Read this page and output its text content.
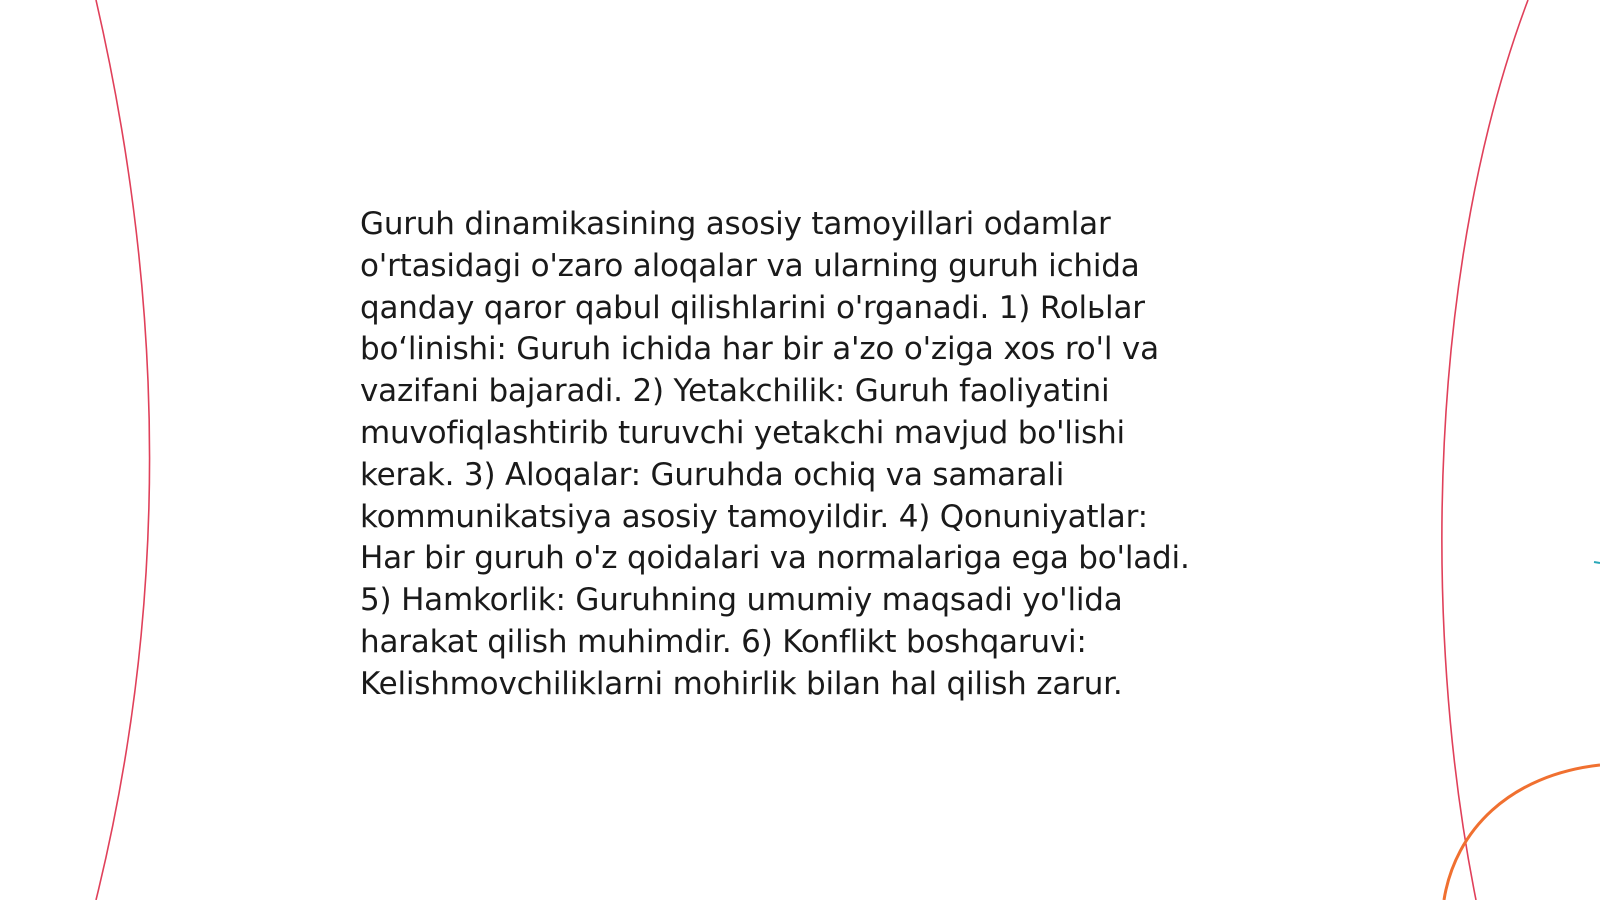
Guruh dinamikasining asosiy tamoyillari odamlar o'rtasidagi o'zaro aloqalar va ularning guruh ichida qanday qaror qabul qilishlarini o'rganadi. 1) Rolьlar bo‘linishi: Guruh ichida har bir a'zo o'ziga xos ro'l va vazifani bajaradi. 2) Yetakchilik: Guruh faoliyatini muvofiqlashtirib turuvchi yetakchi mavjud bo'lishi kerak. 3) Aloqalar: Guruhda ochiq va samarali kommunikatsiya asosiy tamoyildir. 4) Qonuniyatlar: Har bir guruh o'z qoidalari va normalariga ega bo'ladi. 5) Hamkorlik: Guruhning umumiy maqsadi yo'lida harakat qilish muhimdir. 6) Konflikt boshqaruvi: Kelishmovchiliklarni mohirlik bilan hal qilish zarur.
